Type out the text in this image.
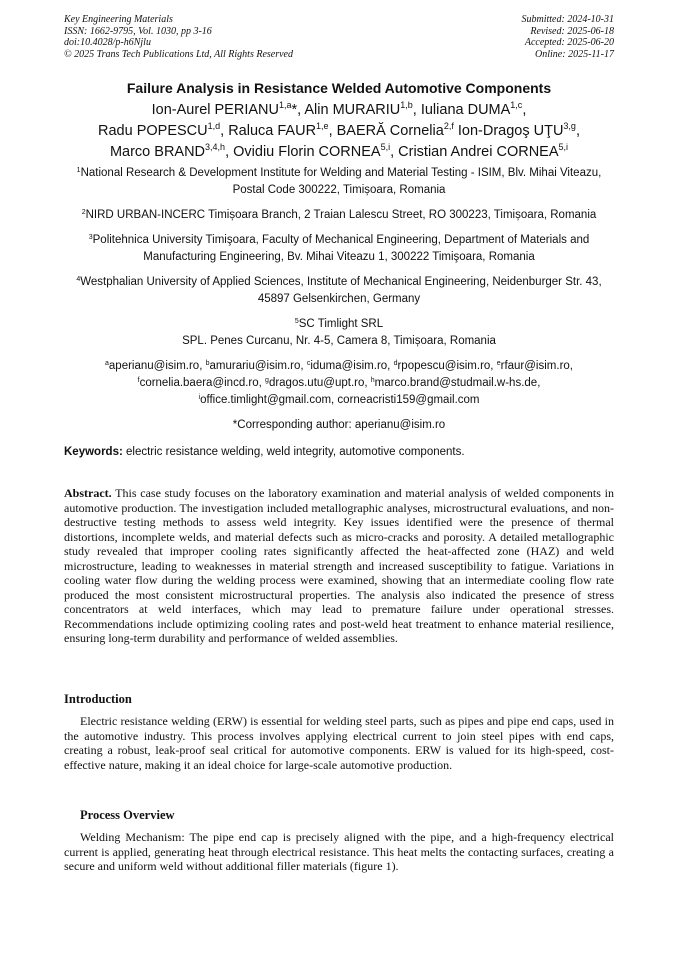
Key Engineering Materials
ISSN: 1662-9795, Vol. 1030, pp 3-16
doi:10.4028/p-h6Njlu
© 2025 Trans Tech Publications Ltd, All Rights Reserved
Submitted: 2024-10-31
Revised: 2025-06-18
Accepted: 2025-06-20
Online: 2025-11-17
Failure Analysis in Resistance Welded Automotive Components
Ion-Aurel PERIANU$^{1,a}$*, Alin MURARIU$^{1,b}$, Iuliana DUMA$^{1,c}$,
Radu POPESCU$^{1,d}$, Raluca FAUR$^{1,e}$, BAERĂ Cornelia$^{2,f}$ Ion-Dragoş UŢU$^{3,g}$,
Marco BRAND$^{3,4,h}$, Ovidiu Florin CORNEA$^{5,i}$, Cristian Andrei CORNEA$^{5,i}$
$^1$National Research & Development Institute for Welding and Material Testing - ISIM, Blv. Mihai Viteazu, Postal Code 300222, Timișoara, Romania
$^2$NIRD URBAN-INCERC Timișoara Branch, 2 Traian Lalescu Street, RO 300223, Timișoara, Romania
$^3$Politehnica University Timişoara, Faculty of Mechanical Engineering, Department of Materials and Manufacturing Engineering, Bv. Mihai Viteazu 1, 300222 Timişoara, Romania
$^4$Westphalian University of Applied Sciences, Institute of Mechanical Engineering, Neidenburger Str. 43, 45897 Gelsenkirchen, Germany
$^5$SC Timlight SRL
SPL. Penes Curcanu, Nr. 4-5, Camera 8, Timișoara, Romania
$^a$aperianu@isim.ro, $^b$amurariu@isim.ro, $^c$iduma@isim.ro, $^d$rpopescu@isim.ro, $^e$rfaur@isim.ro,
$^f$cornelia.baera@incd.ro, $^g$dragos.utu@upt.ro, $^h$marco.brand@studmail.w-hs.de,
$^i$office.timlight@gmail.com, corneacristi159@gmail.com
*Corresponding author: aperianu@isim.ro
Keywords: electric resistance welding, weld integrity, automotive components.
Abstract. This case study focuses on the laboratory examination and material analysis of welded components in automotive production. The investigation included metallographic analyses, microstructural evaluations, and non-destructive testing methods to assess weld integrity. Key issues identified were the presence of thermal distortions, incomplete welds, and material defects such as micro-cracks and porosity. A detailed metallographic study revealed that improper cooling rates significantly affected the heat-affected zone (HAZ) and weld microstructure, leading to weaknesses in material strength and increased susceptibility to fatigue. Variations in cooling water flow during the welding process were examined, showing that an intermediate cooling flow rate produced the most consistent microstructural properties. The analysis also indicated the presence of stress concentrators at weld interfaces, which may lead to premature failure under operational stresses. Recommendations include optimizing cooling rates and post-weld heat treatment to enhance material resilience, ensuring long-term durability and performance of welded assemblies.
Introduction
Electric resistance welding (ERW) is essential for welding steel parts, such as pipes and pipe end caps, used in the automotive industry. This process involves applying electrical current to join steel pipes with end caps, creating a robust, leak-proof seal critical for automotive components. ERW is valued for its high-speed, cost-effective nature, making it an ideal choice for large-scale automotive production.
Process Overview
Welding Mechanism: The pipe end cap is precisely aligned with the pipe, and a high-frequency electrical current is applied, generating heat through electrical resistance. This heat melts the contacting surfaces, creating a secure and uniform weld without additional filler materials (figure 1).
